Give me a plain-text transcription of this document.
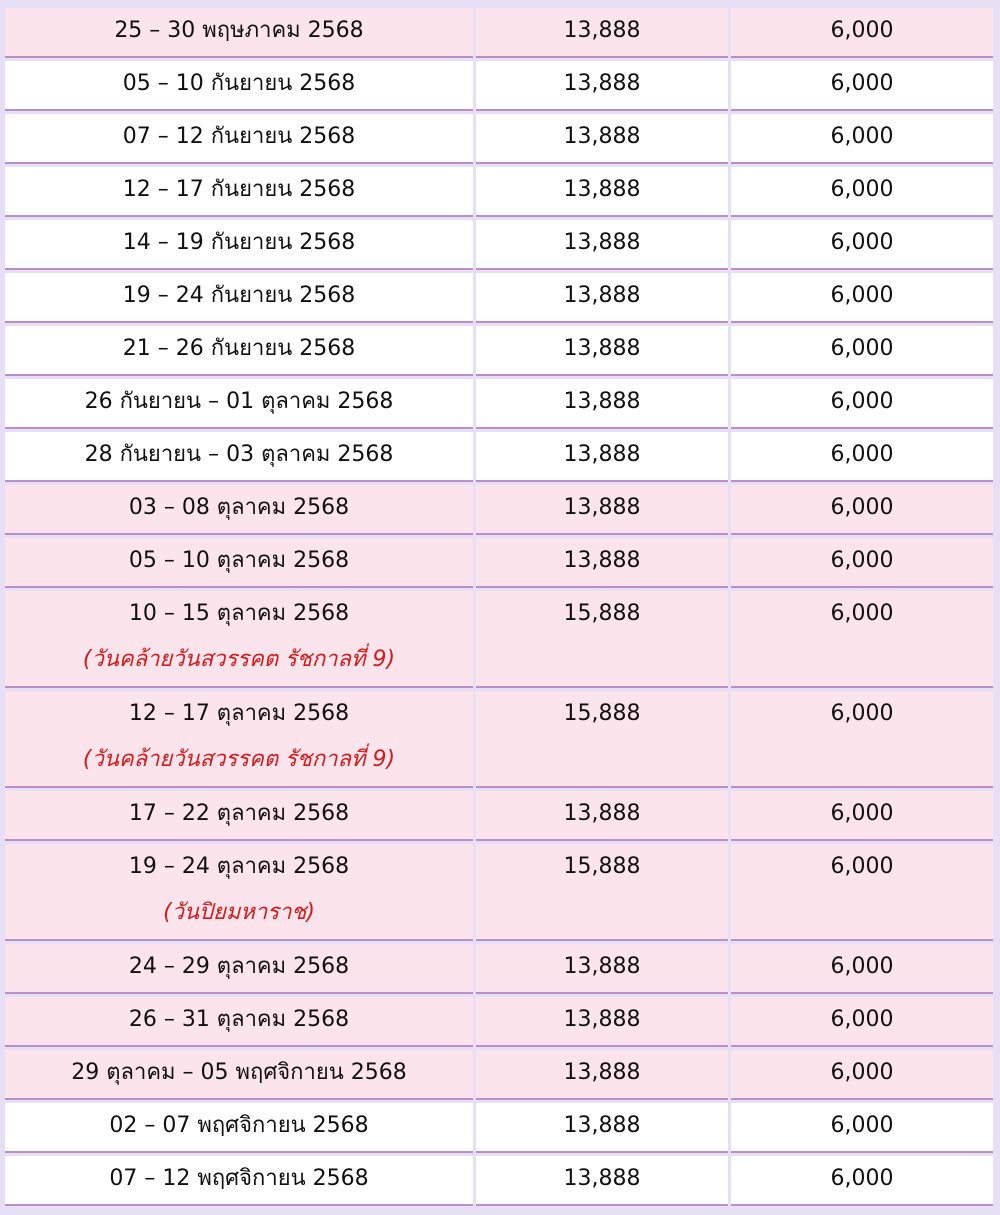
25 – 30 พฤษภาคม 2568	13,888	6,000

05 – 10 กันยายน 2568	13,888	6,000

07 – 12 กันยายน 2568	13,888	6,000

12 – 17 กันยายน 2568	13,888	6,000

14 – 19 กันยายน 2568	13,888	6,000

19 – 24 กันยายน 2568	13,888	6,000

21 – 26 กันยายน 2568	13,888	6,000

26 กันยายน – 01 ตุลาคม 2568	13,888	6,000

28 กันยายน – 03 ตุลาคม 2568	13,888	6,000

03 – 08 ตุลาคม 2568	13,888	6,000

05 – 10 ตุลาคม 2568	13,888	6,000

10 – 15 ตุลาคม 2568
(วันคล้ายวันสวรรคต รัชกาลที่ 9)	15,888	6,000

12 – 17 ตุลาคม 2568
(วันคล้ายวันสวรรคต รัชกาลที่ 9)	15,888	6,000

17 – 22 ตุลาคม 2568	13,888	6,000

19 – 24 ตุลาคม 2568
(วันปิยมหาราช)	15,888	6,000

24 – 29 ตุลาคม 2568	13,888	6,000

26 – 31 ตุลาคม 2568	13,888	6,000

29 ตุลาคม – 05 พฤศจิกายน 2568	13,888	6,000

02 – 07 พฤศจิกายน 2568	13,888	6,000

07 – 12 พฤศจิกายน 2568	13,888	6,000
